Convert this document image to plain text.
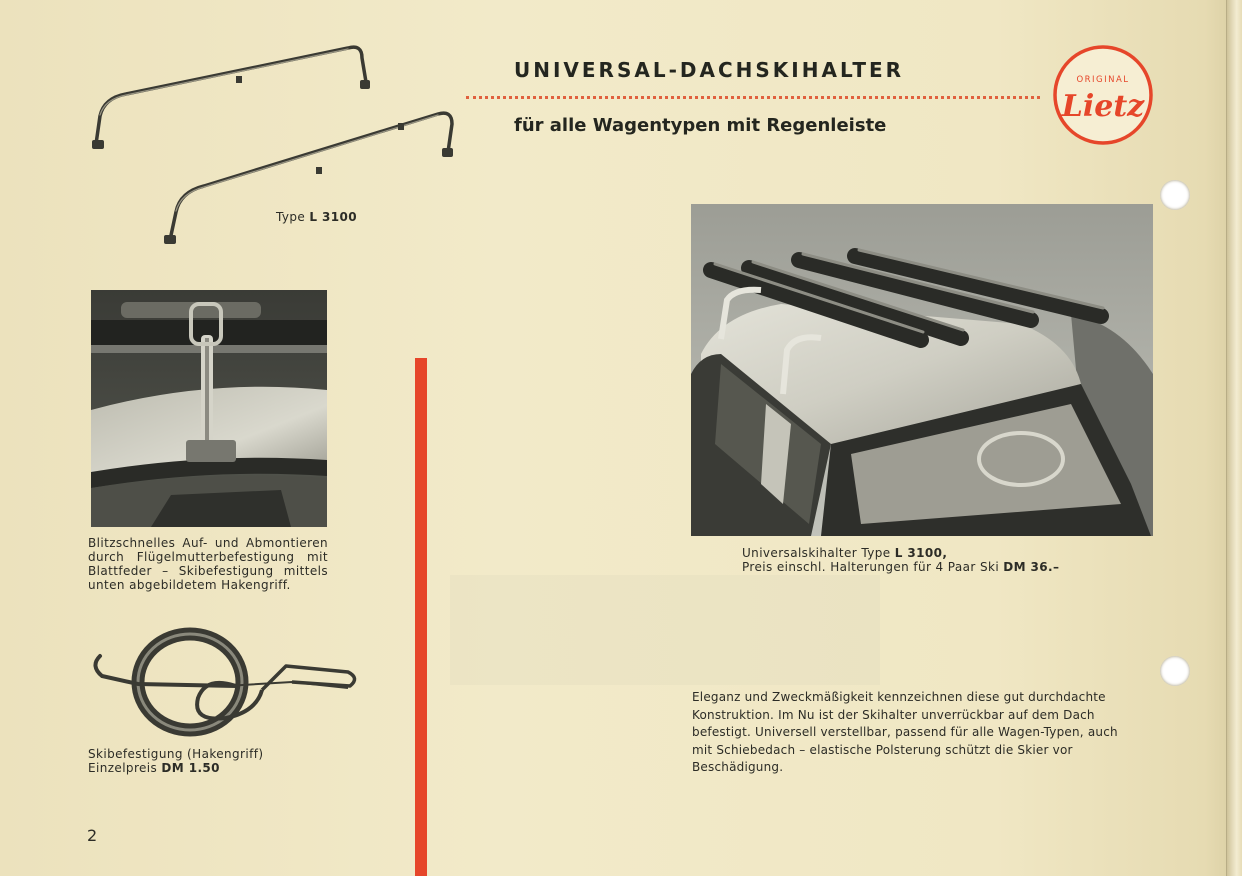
Type L 3100

UNIVERSAL-DACHSKIHALTER
für alle Wagentypen mit Regenleiste
ORIGINAL
Lietz

Blitzschnelles Auf- und Abmontieren durch Flügelmutterbefestigung mit Blattfeder – Skibefestigung mittels unten abgebildetem Hakengriff.

Skibefestigung (Hakengriff)
Einzelpreis DM 1.50

Universalskihalter Type L 3100,
Preis einschl. Halterungen für 4 Paar Ski DM 36.–

Eleganz und Zweckmäßigkeit kennzeichnen diese gut durchdachte Konstruktion. Im Nu ist der Skihalter unverrückbar auf dem Dach befestigt. Universell verstellbar, passend für alle Wagen-Typen, auch mit Schiebedach – elastische Polsterung schützt die Skier vor Beschädigung.

2
